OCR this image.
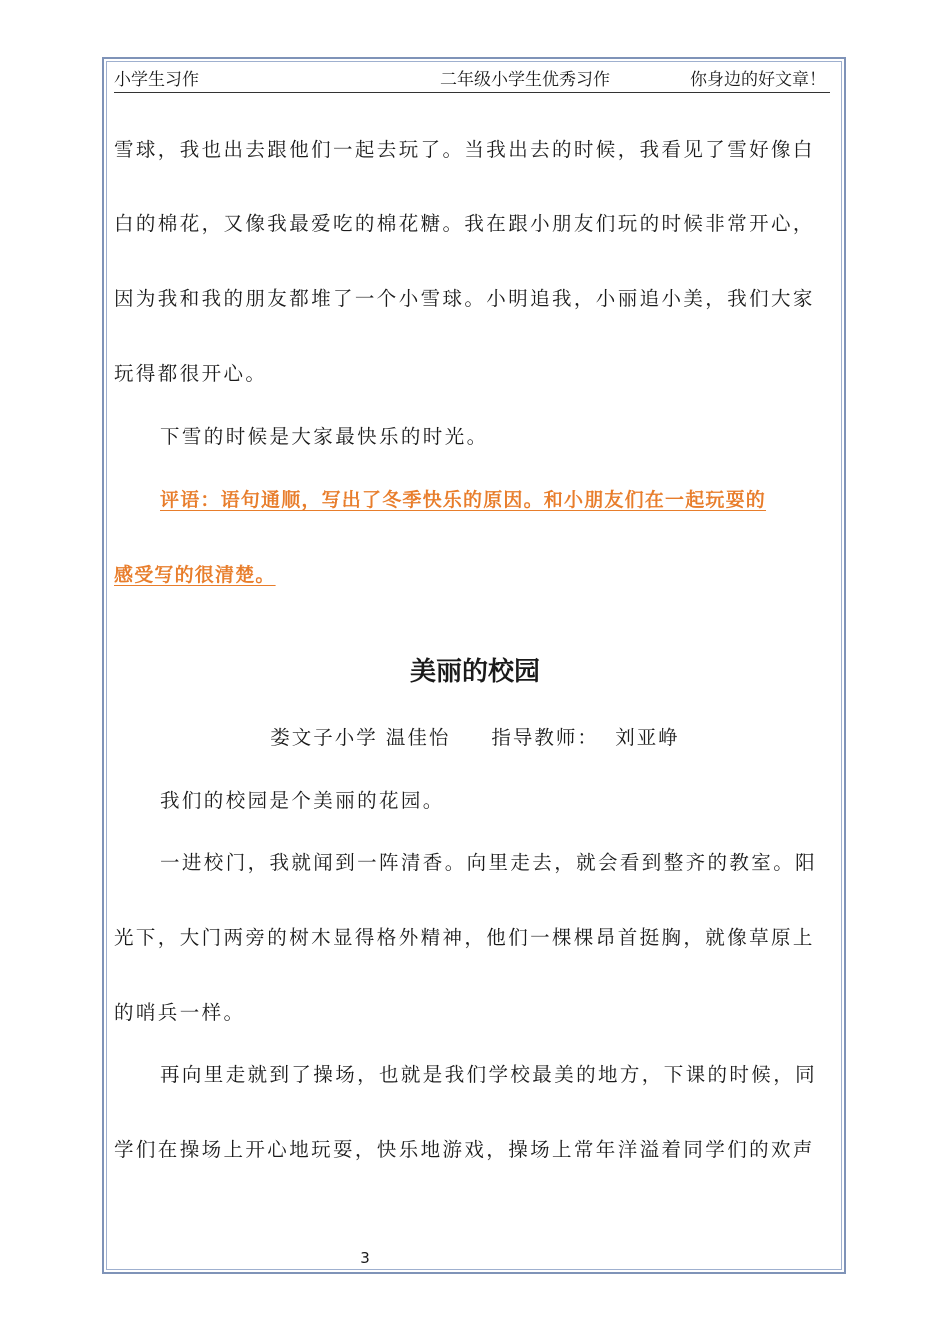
小学生习作	二年级小学生优秀习作	你身边的好文章！
雪球，我也出去跟他们一起去玩了。当我出去的时候，我看见了雪好像白
白的棉花，又像我最爱吃的棉花糖。我在跟小朋友们玩的时候非常开心，
因为我和我的朋友都堆了一个小雪球。小明追我，小丽追小美，我们大家
玩得都很开心。
下雪的时候是大家最快乐的时光。
评语：语句通顺，写出了冬季快乐的原因。和小朋友们在一起玩耍的
感受写的很清楚。
美丽的校园
娄文子小学 温佳怡     指导教师：  刘亚峥
我们的校园是个美丽的花园。
一进校门，我就闻到一阵清香。向里走去，就会看到整齐的教室。阳
光下，大门两旁的树木显得格外精神，他们一棵棵昂首挺胸，就像草原上
的哨兵一样。
再向里走就到了操场，也就是我们学校最美的地方，下课的时候，同
学们在操场上开心地玩耍，快乐地游戏，操场上常年洋溢着同学们的欢声
3
